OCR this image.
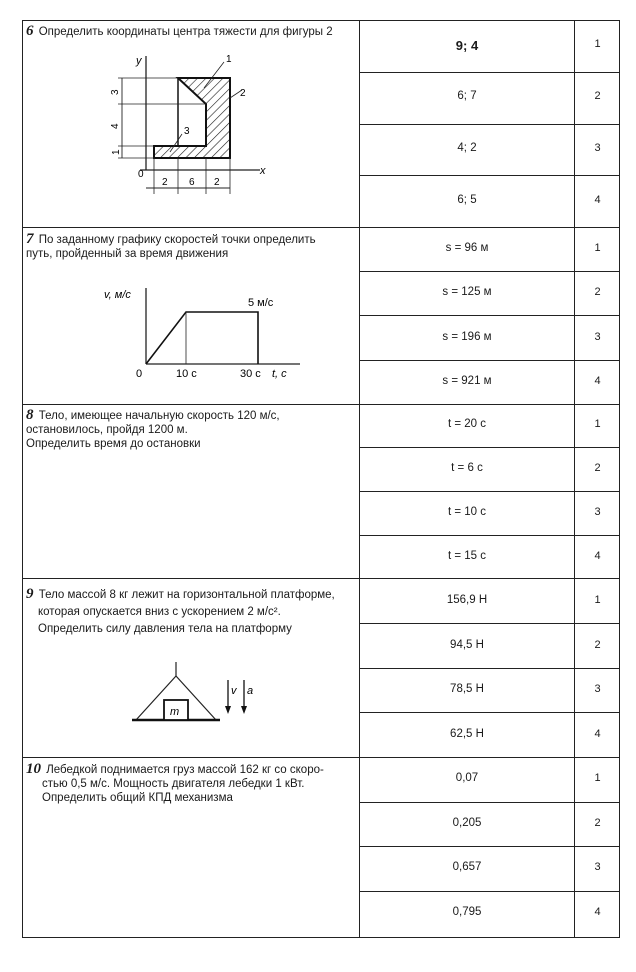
6 Определить координаты центра тяжести для фигуры 2
y
x
0
1
2
3
3
4
1
2 6 2
9; 4
6; 7
4; 2
6; 5
1
2
3
4
7 По заданному графику скоростей точки определить
путь, пройденный за время движения
v, м/с
5 м/с
0	10 с	30 с t, с
s = 96 м
s = 125 м
s = 196 м
s = 921 м
1
2
3
4
8 Тело, имеющее начальную скорость 120 м/с,
остановилось, пройдя 1200 м.
Определить время до остановки
t = 20 с
t = 6 с
t = 10 с
t = 15 с
1
2
3
4
9 Тело массой 8 кг лежит на горизонтальной платформе,
которая опускается вниз с ускорением 2 м/с².
Определить силу давления тела на платформу
m
v a
156,9 Н
94,5 Н
78,5 Н
62,5 Н
1
2
3
4
10 Лебедкой поднимается груз массой 162 кг со скоро-
стью 0,5 м/с. Мощность двигателя лебедки 1 кВт.
Определить общий КПД механизма
0,07
0,205
0,657
0,795
1
2
3
4
